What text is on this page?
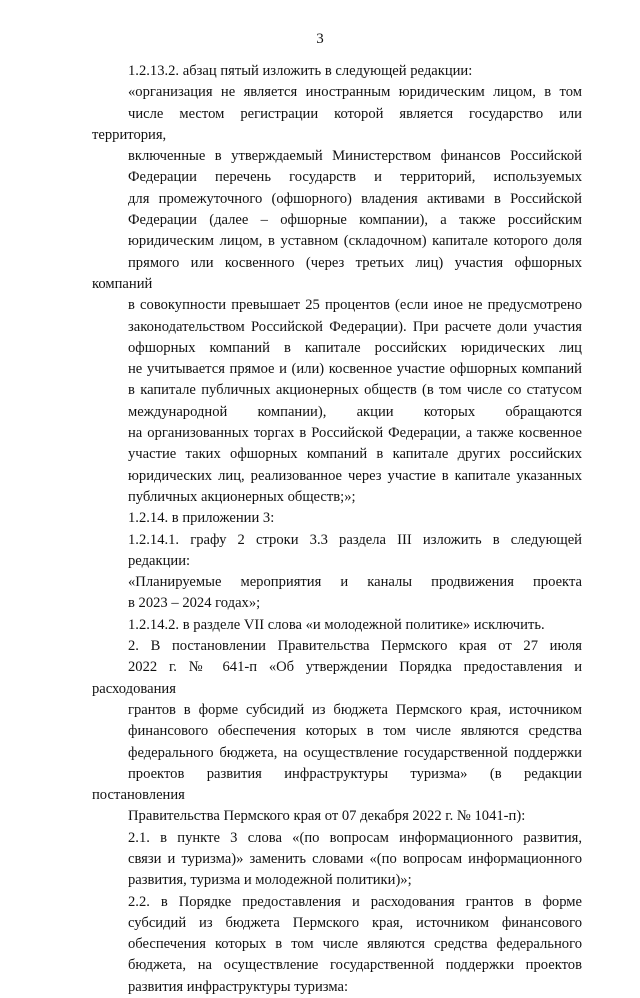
3
1.2.13.2. абзац пятый изложить в следующей редакции:
«организация не является иностранным юридическим лицом, в том
числе местом регистрации которой является государство или территория,
включенные в утверждаемый Министерством финансов Российской
Федерации перечень государств и территорий, используемых
для промежуточного (офшорного) владения активами в Российской
Федерации (далее – офшорные компании), а также российским
юридическим лицом, в уставном (складочном) капитале которого доля
прямого или косвенного (через третьих лиц) участия офшорных компаний
в совокупности превышает 25 процентов (если иное не предусмотрено
законодательством Российской Федерации). При расчете доли участия
офшорных компаний в капитале российских юридических лиц
не учитывается прямое и (или) косвенное участие офшорных компаний
в капитале публичных акционерных обществ (в том числе со статусом
международной компании), акции которых обращаются
на организованных торгах в Российской Федерации, а также косвенное
участие таких офшорных компаний в капитале других российских
юридических лиц, реализованное через участие в капитале указанных
публичных акционерных обществ;»;
1.2.14. в приложении 3:
1.2.14.1. графу 2 строки 3.3 раздела III изложить в следующей
редакции:
«Планируемые мероприятия и каналы продвижения проекта
в 2023 – 2024 годах»;
1.2.14.2. в разделе VII слова «и молодежной политике» исключить.
2. В постановлении Правительства Пермского края от 27 июля
2022 г. № 641-п «Об утверждении Порядка предоставления и расходования
грантов в форме субсидий из бюджета Пермского края, источником
финансового обеспечения которых в том числе являются средства
федерального бюджета, на осуществление государственной поддержки
проектов развития инфраструктуры туризма» (в редакции постановления
Правительства Пермского края от 07 декабря 2022 г. № 1041-п):
2.1. в пункте 3 слова «(по вопросам информационного развития,
связи и туризма)» заменить словами «(по вопросам информационного
развития, туризма и молодежной политики)»;
2.2. в Порядке предоставления и расходования грантов в форме
субсидий из бюджета Пермского края, источником финансового
обеспечения которых в том числе являются средства федерального
бюджета, на осуществление государственной поддержки проектов
развития инфраструктуры туризма:
